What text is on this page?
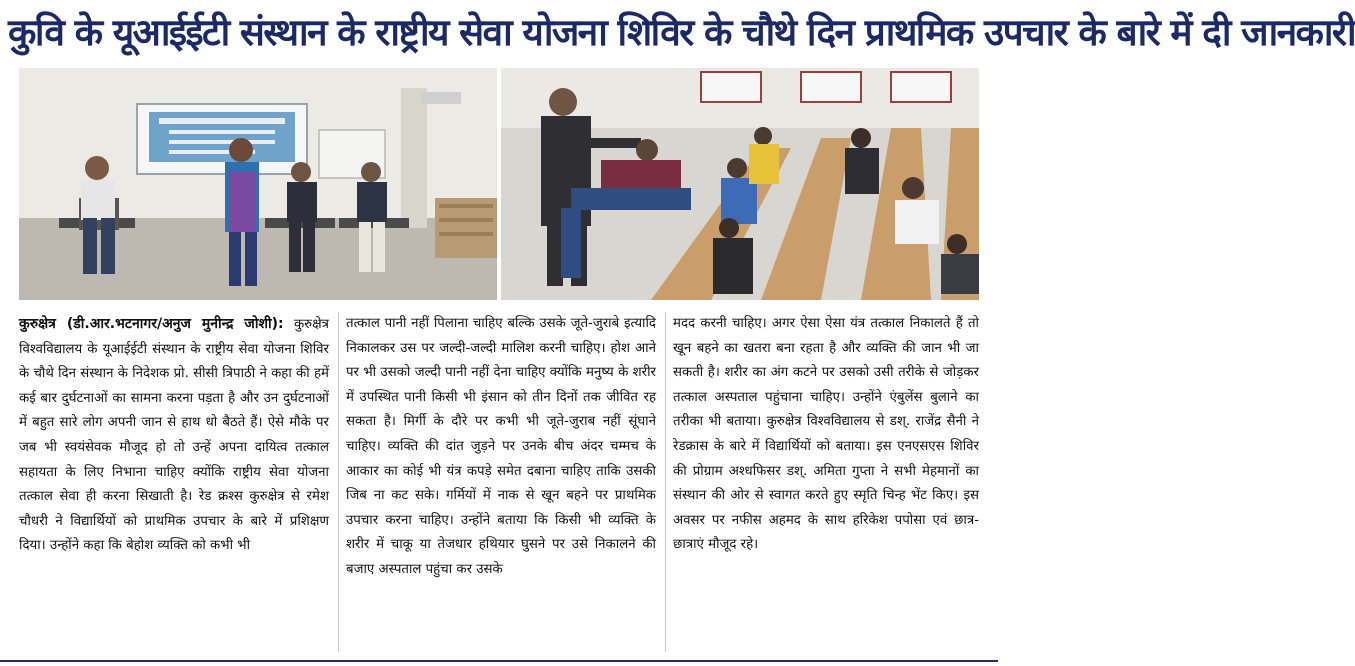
कुवि के यूआईईटी संस्थान के राष्ट्रीय सेवा योजना शिविर के चौथे दिन प्राथमिक उपचार के बारे में दी जानकारी

कुरुक्षेत्र (डी.आर.भटनागर/अनुज मुनीन्द्र जोशी): कुरुक्षेत्र विश्वविद्यालय के यूआईईटी संस्थान के राष्ट्रीय सेवा योजना शिविर के चौथे दिन संस्थान के निदेशक प्रो. सीसी त्रिपाठी ने कहा की हमें कई बार दुर्घटनाओं का सामना करना पड़ता है और उन दुर्घटनाओं में बहुत सारे लोग अपनी जान से हाथ धो बैठते हैं। ऐसे मौके पर जब भी स्वयंसेवक मौजूद हो तो उन्हें अपना दायित्व तत्काल सहायता के लिए निभाना चाहिए क्योंकि राष्ट्रीय सेवा योजना तत्काल सेवा ही करना सिखाती है। रेड क्रश्स कुरुक्षेत्र से रमेश चौधरी ने विद्यार्थियों को प्राथमिक उपचार के बारे में प्रशिक्षण दिया। उन्होंने कहा कि बेहोश व्यक्ति को कभी भी

तत्काल पानी नहीं पिलाना चाहिए बल्कि उसके जूते-जुराबे इत्यादि निकालकर उस पर जल्दी-जल्दी मालिश करनी चाहिए। होश आने पर भी उसको जल्दी पानी नहीं देना चाहिए क्योंकि मनुष्य के शरीर में उपस्थित पानी किसी भी इंसान को तीन दिनों तक जीवित रह सकता है। मिर्गी के दौरे पर कभी भी जूते-जुराब नहीं सूंघाने चाहिए। व्यक्ति की दांत जुड़ने पर उनके बीच अंदर चम्मच के आकार का कोई भी यंत्र कपड़े समेत दबाना चाहिए ताकि उसकी जिब ना कट सके। गर्मियों में नाक से खून बहने पर प्राथमिक उपचार करना चाहिए। उन्होंने बताया कि किसी भी व्यक्ति के शरीर में चाकू या तेजधार हथियार घुसने पर उसे निकालने की बजाए अस्पताल पहुंचा कर उसके

मदद करनी चाहिए। अगर ऐसा ऐसा यंत्र तत्काल निकालते हैं तो खून बहने का खतरा बना रहता है और व्यक्ति की जान भी जा सकती है। शरीर का अंग कटने पर उसको उसी तरीके से जोड़कर तत्काल अस्पताल पहुंचाना चाहिए। उन्होंने एंबुलेंस बुलाने का तरीका भी बताया। कुरुक्षेत्र विश्वविद्यालय से डश्. राजेंद्र सैनी ने रेडक्रास के बारे में विद्यार्थियों को बताया। इस एनएसएस शिविर की प्रोग्राम अश्धफिसर डश्. अमिता गुप्ता ने सभी मेहमानों का संस्थान की ओर से स्वागत करते हुए स्मृति चिन्ह भेंट किए। इस अवसर पर नफीस अहमद के साथ हरिकेश पपोसा एवं छात्र-छात्राएं मौजूद रहे।
